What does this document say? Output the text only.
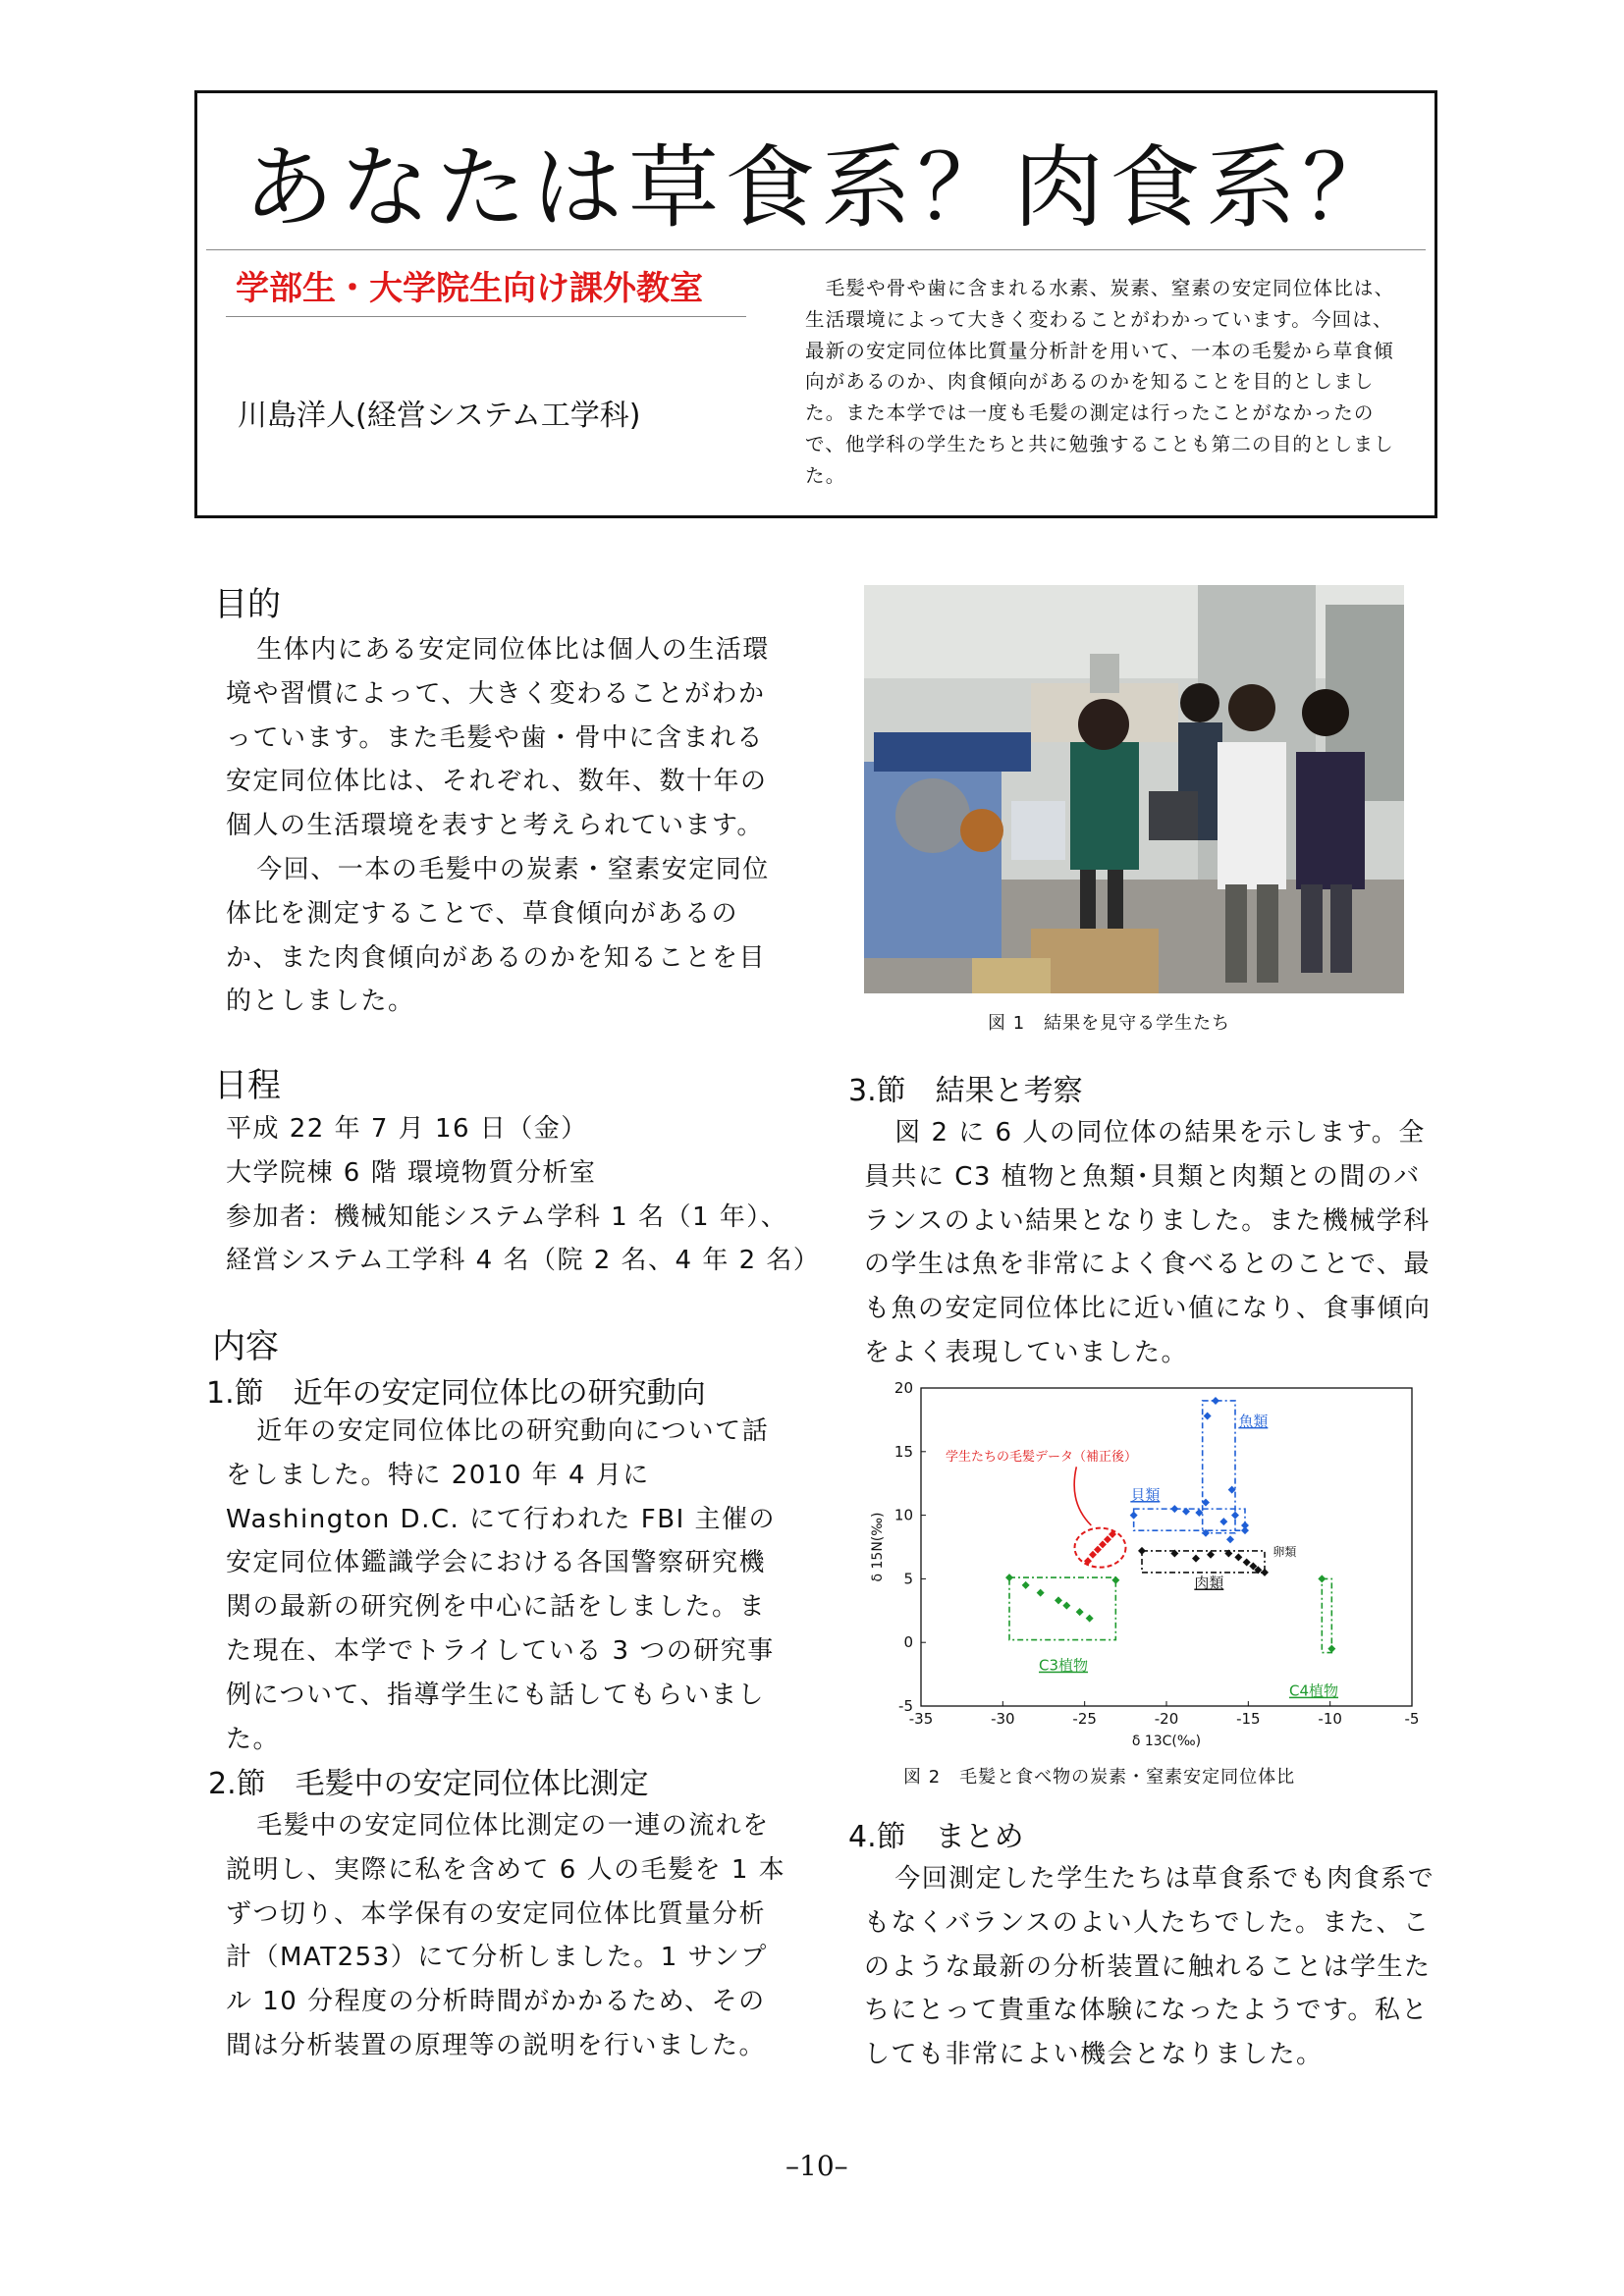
あなたは草食系？肉食系？
学部生・大学院生向け課外教室
川島洋人(経営システム工学科)
　毛髪や骨や歯に含まれる水素、炭素、窒素の安定同位体比は、生活環境によって大きく変わることがわかっています。今回は、最新の安定同位体比質量分析計を用いて、一本の毛髪から草食傾向があるのか、肉食傾向があるのかを知ることを目的としました。また本学では一度も毛髪の測定は行ったことがなかったので、他学科の学生たちと共に勉強することも第二の目的としました。
目的

生体内にある安定同位体比は個人の生活環境や習慣によって、大きく変わることがわかっています。また毛髪や歯・骨中に含まれる安定同位体比は、それぞれ、数年、数十年の個人の生活環境を表すと考えられています。

今回、一本の毛髪中の炭素・窒素安定同位体比を測定することで、草食傾向があるのか、また肉食傾向があるのかを知ることを目的としました。

日程
平成 22 年 7 月 16 日（金）
大学院棟 6 階 環境物質分析室
参加者：機械知能システム学科 1 名（1 年）、
経営システム工学科 4 名（院 2 名、4 年 2 名）
内容
1.節　近年の安定同位体比の研究動向

近年の安定同位体比の研究動向について話をしました。特に 2010 年 4 月に Washington D.C. にて行われた FBI 主催の安定同位体鑑識学会における各国警察研究機関の最新の研究例を中心に話をしました。また現在、本学でトライしている 3 つの研究事例について、指導学生にも話してもらいました。

2.節　毛髪中の安定同位体比測定

毛髪中の安定同位体比測定の一連の流れを説明し、実際に私を含めて 6 人の毛髪を 1 本ずつ切り、本学保有の安定同位体比質量分析計（MAT253）にて分析しました。1 サンプル 10 分程度の分析時間がかかるため、その間は分析装置の原理等の説明を行いました。

図 1　結果を見守る学生たち
3.節　結果と考察

図 2 に 6 人の同位体の結果を示します。全員共に C3 植物と魚類･貝類と肉類との間のバランスのよい結果となりました。また機械学科の学生は魚を非常によく食べるとのことで、最も魚の安定同位体比に近い値になり、食事傾向をよく表現していました。

-35	-30	-25	-20	-15	-10	-5
-5
0
5
10
15
20
δ 13C(‰)
δ 15N(‰)
学生たちの毛髪データ（補正後）
魚類
貝類
肉類
卵類
C3植物
C4植物
図 2　毛髪と食べ物の炭素・窒素安定同位体比
4.節　まとめ

今回測定した学生たちは草食系でも肉食系でもなくバランスのよい人たちでした。また、このような最新の分析装置に触れることは学生たちにとって貴重な体験になったようです。私としても非常によい機会となりました。

–10–
